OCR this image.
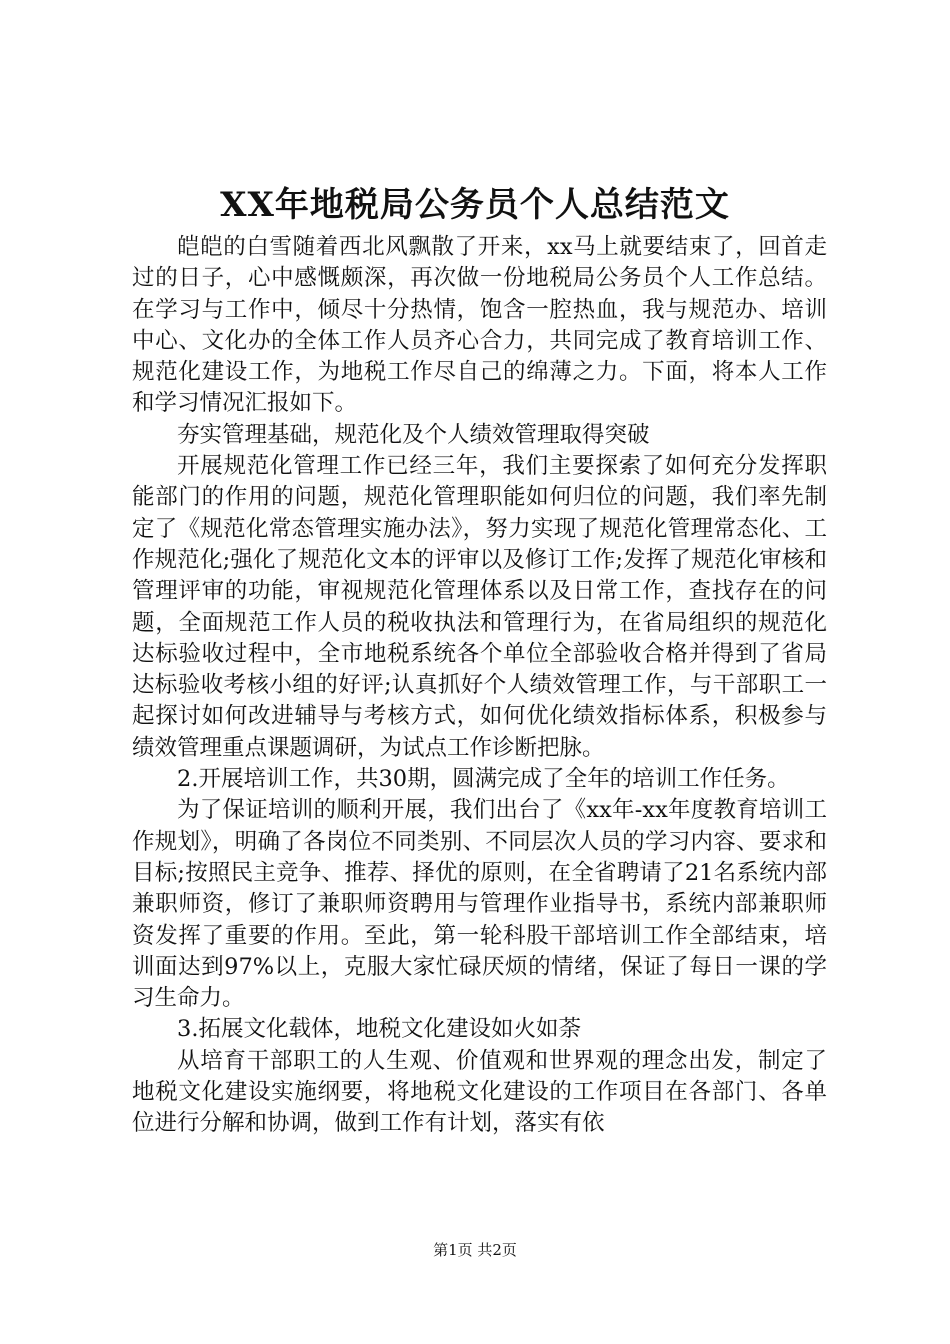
XX年地税局公务员个人总结范文

皑皑的白雪随着西北风飘散了开来，xx马上就要结束了，回首走过的日子，心中感慨颇深，再次做一份地税局公务员个人工作总结。在学习与工作中，倾尽十分热情，饱含一腔热血，我与规范办、培训中心、文化办的全体工作人员齐心合力，共同完成了教育培训工作、规范化建设工作，为地税工作尽自己的绵薄之力。下面，将本人工作和学习情况汇报如下。

夯实管理基础，规范化及个人绩效管理取得突破

开展规范化管理工作已经三年，我们主要探索了如何充分发挥职能部门的作用的问题，规范化管理职能如何归位的问题，我们率先制定了《规范化常态管理实施办法》，努力实现了规范化管理常态化、工作规范化;强化了规范化文本的评审以及修订工作;发挥了规范化审核和管理评审的功能，审视规范化管理体系以及日常工作，查找存在的问题，全面规范工作人员的税收执法和管理行为，在省局组织的规范化达标验收过程中，全市地税系统各个单位全部验收合格并得到了省局达标验收考核小组的好评;认真抓好个人绩效管理工作，与干部职工一起探讨如何改进辅导与考核方式，如何优化绩效指标体系，积极参与绩效管理重点课题调研，为试点工作诊断把脉。

2.开展培训工作，共30期，圆满完成了全年的培训工作任务。

为了保证培训的顺利开展，我们出台了《xx年-xx年度教育培训工作规划》，明确了各岗位不同类别、不同层次人员的学习内容、要求和目标;按照民主竞争、推荐、择优的原则，在全省聘请了21名系统内部兼职师资，修订了兼职师资聘用与管理作业指导书，系统内部兼职师资发挥了重要的作用。至此，第一轮科股干部培训工作全部结束，培训面达到97%以上，克服大家忙碌厌烦的情绪，保证了每日一课的学习生命力。

3.拓展文化载体，地税文化建设如火如荼

从培育干部职工的人生观、价值观和世界观的理念出发，制定了地税文化建设实施纲要，将地税文化建设的工作项目在各部门、各单位进行分解和协调，做到工作有计划，落实有依

第1页 共2页
